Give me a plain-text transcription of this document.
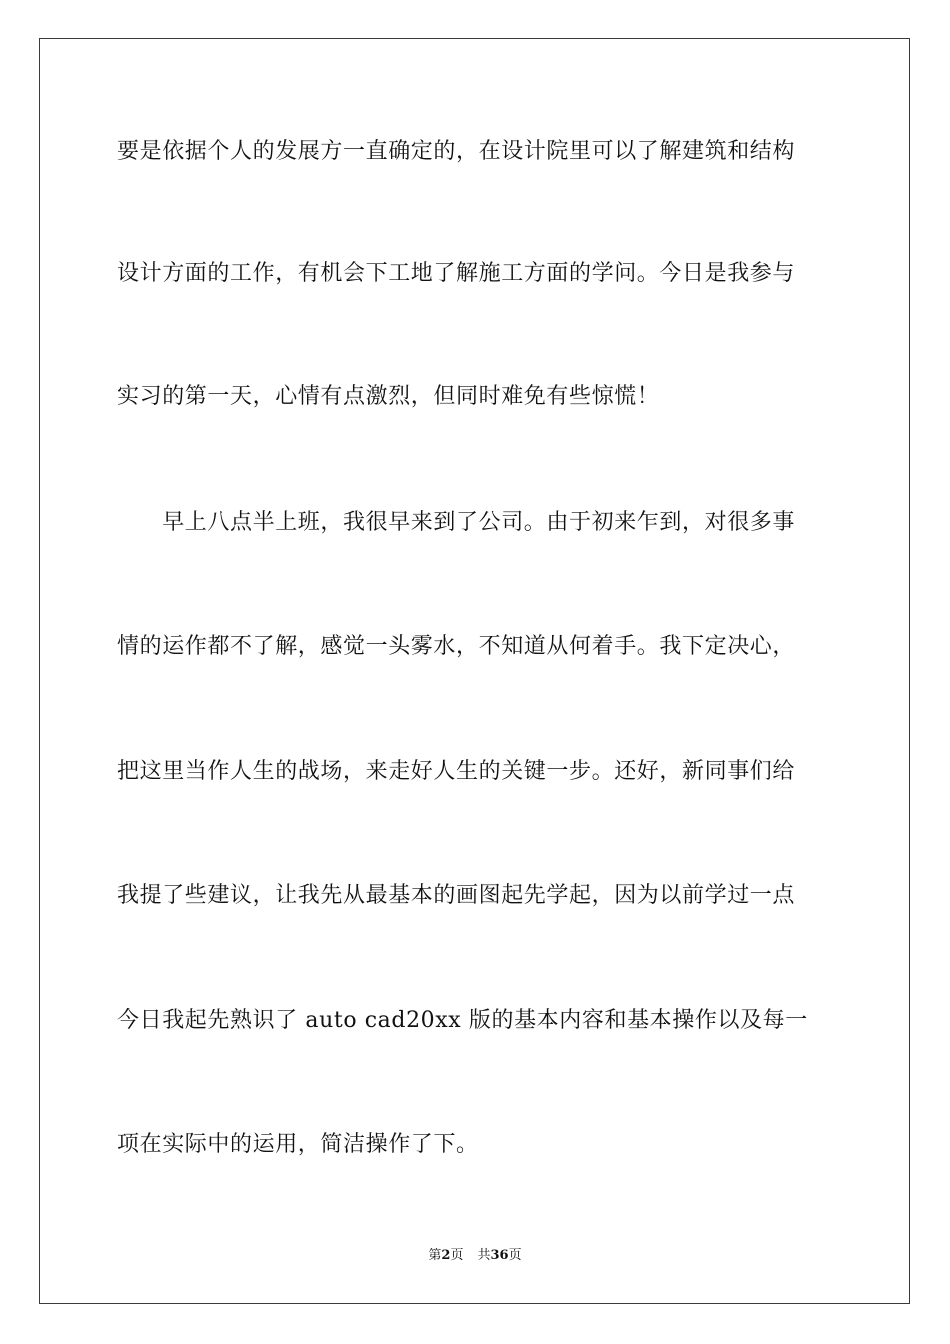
要是依据个人的发展方一直确定的，在设计院里可以了解建筑和结构
设计方面的工作，有机会下工地了解施工方面的学问。今日是我参与
实习的第一天，心情有点激烈，但同时难免有些惊慌！
　　早上八点半上班，我很早来到了公司。由于初来乍到，对很多事
情的运作都不了解，感觉一头雾水，不知道从何着手。我下定决心，
把这里当作人生的战场，来走好人生的关键一步。还好，新同事们给
我提了些建议，让我先从最基本的画图起先学起，因为以前学过一点
今日我起先熟识了 auto cad20xx 版的基本内容和基本操作以及每一
项在实际中的运用，简洁操作了下。
第2页 共36页
